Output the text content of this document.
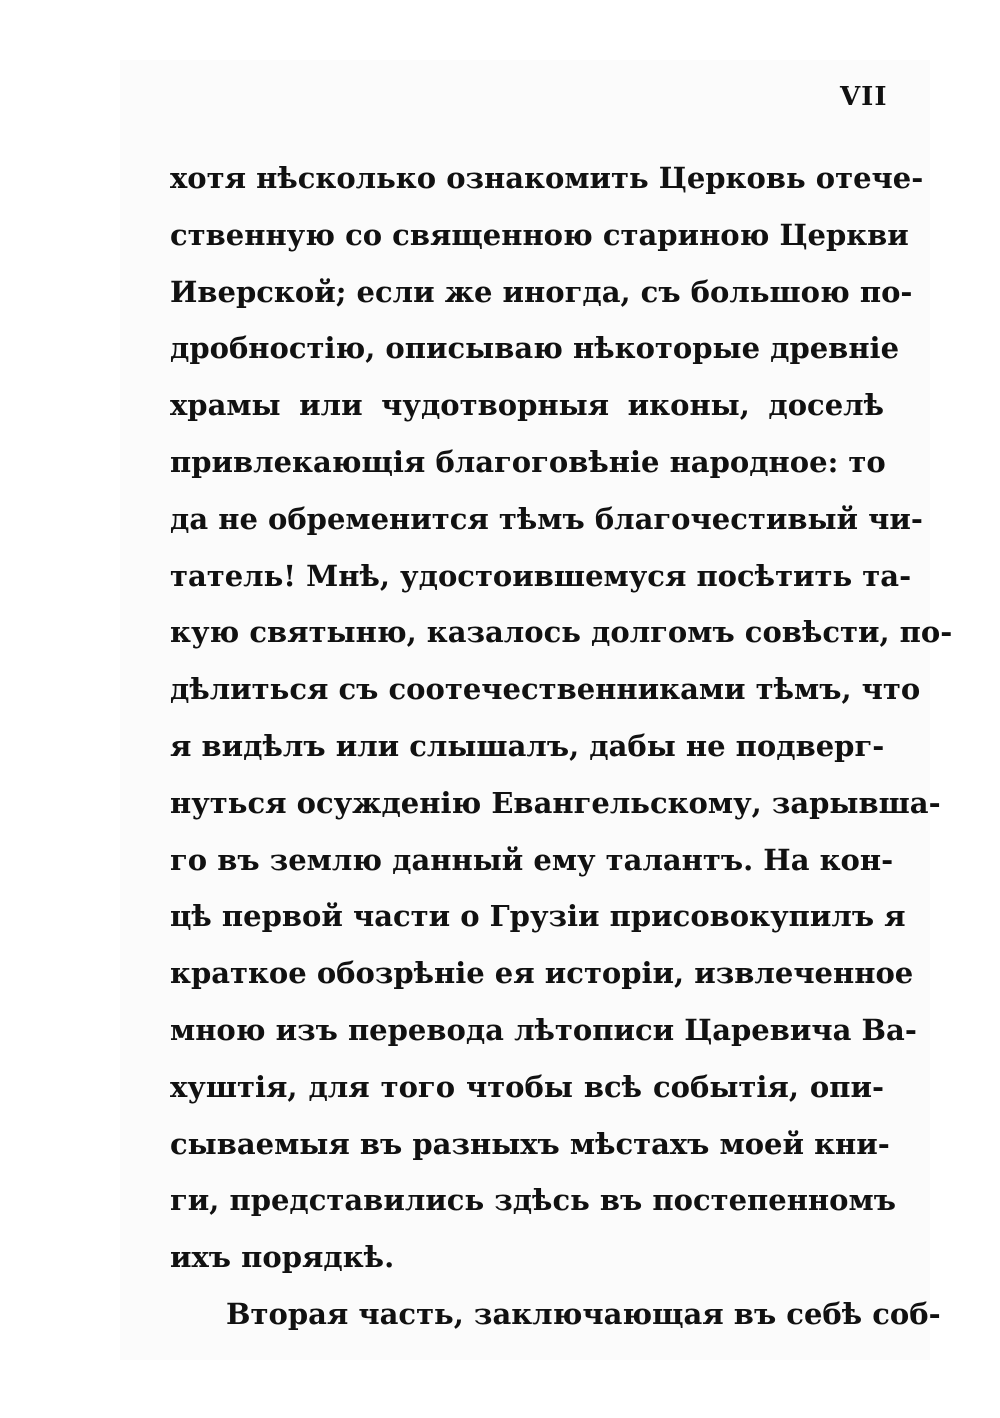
VII
хотя нѣсколько ознакомить Церковь отече-
ственную со священною стариною Церкви
Иверской; если же иногда, съ большою по-
дробностію, описываю нѣкоторые древніе
храмы или чудотворныя иконы, доселѣ
привлекающія благоговѣніе народное: то
да не обременится тѣмъ благочестивый чи-
татель! Мнѣ, удостоившемуся посѣтить та-
кую святыню, казалось долгомъ совѣсти, по-
дѣлиться съ соотечественниками тѣмъ, что
я видѣлъ или слышалъ, дабы не подверг-
нуться осужденію Евангельскому, зарывша-
го въ землю данный ему талантъ. На кон-
цѣ первой части о Грузіи присовокупилъ я
краткое обозрѣніе ея исторіи, извлеченное
мною изъ перевода лѣтописи Царевича Ва-
хуштія, для того чтобы всѣ событія, опи-
сываемыя въ разныхъ мѣстахъ моей кни-
ги, представились здѣсь въ постепенномъ
ихъ порядкѣ.
Вторая часть, заключающая въ себѣ соб-
